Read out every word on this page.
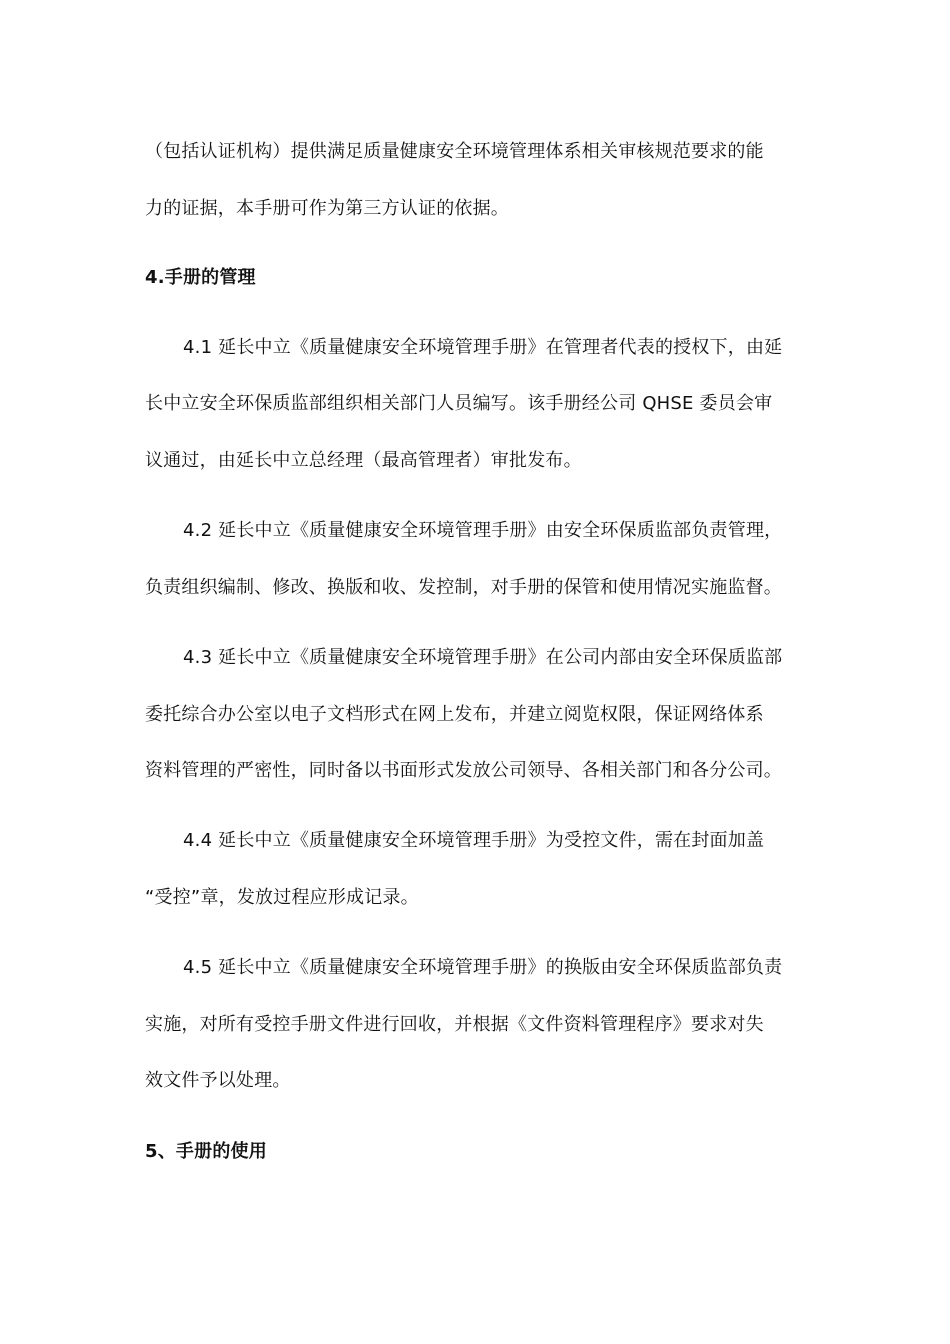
（包括认证机构）提供满足质量健康安全环境管理体系相关审核规范要求的能
力的证据，本手册可作为第三方认证的依据。
4.手册的管理
4.1 延长中立《质量健康安全环境管理手册》在管理者代表的授权下，由延
长中立安全环保质监部组织相关部门人员编写。该手册经公司 QHSE 委员会审
议通过，由延长中立总经理（最高管理者）审批发布。
4.2 延长中立《质量健康安全环境管理手册》由安全环保质监部负责管理，
负责组织编制、修改、换版和收、发控制，对手册的保管和使用情况实施监督。
4.3 延长中立《质量健康安全环境管理手册》在公司内部由安全环保质监部
委托综合办公室以电子文档形式在网上发布，并建立阅览权限，保证网络体系
资料管理的严密性，同时备以书面形式发放公司领导、各相关部门和各分公司。
4.4 延长中立《质量健康安全环境管理手册》为受控文件，需在封面加盖
“受控”章，发放过程应形成记录。
4.5 延长中立《质量健康安全环境管理手册》的换版由安全环保质监部负责
实施，对所有受控手册文件进行回收，并根据《文件资料管理程序》要求对失
效文件予以处理。
5、手册的使用
